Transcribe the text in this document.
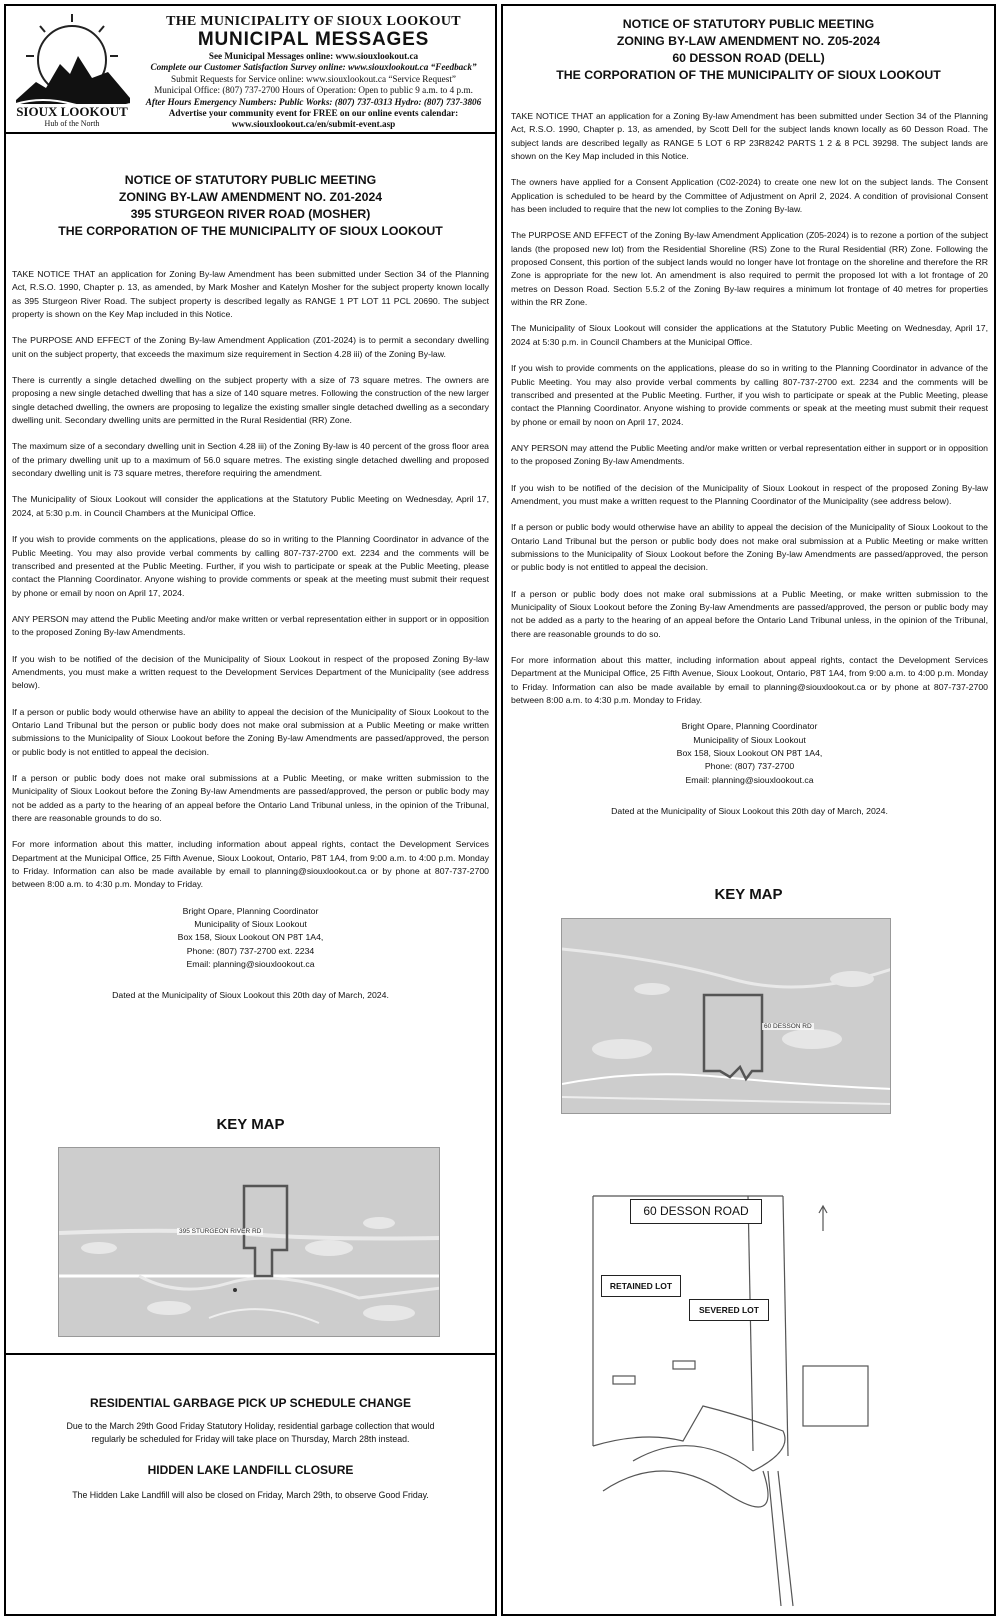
SIOUX LOOKOUT
Hub of the North
THE MUNICIPALITY OF SIOUX LOOKOUT
MUNICIPAL MESSAGES
See Municipal Messages online: www.siouxlookout.ca
Complete our Customer Satisfaction Survey online: www.siouxlookout.ca “Feedback”
Submit Requests for Service online: www.siouxlookout.ca “Service Request”
Municipal Office: (807) 737-2700 Hours of Operation: Open to public 9 a.m. to 4 p.m.
After Hours Emergency Numbers: Public Works: (807) 737-0313 Hydro: (807) 737-3806
Advertise your community event for FREE on our online events calendar:
www.siouxlookout.ca/en/submit-event.asp
NOTICE OF STATUTORY PUBLIC MEETING
ZONING BY-LAW AMENDMENT NO. Z01-2024
395 STURGEON RIVER ROAD (MOSHER)
THE CORPORATION OF THE MUNICIPALITY OF SIOUX LOOKOUT

TAKE NOTICE THAT an application for Zoning By-law Amendment has been submitted under Section 34 of the Planning Act, R.S.O. 1990, Chapter p. 13, as amended, by Mark Mosher and Katelyn Mosher for the subject property known locally as 395 Sturgeon River Road. The subject property is described legally as RANGE 1 PT LOT 11 PCL 20690. The subject property is shown on the Key Map included in this Notice.

The PURPOSE AND EFFECT of the Zoning By-law Amendment Application (Z01-2024) is to permit a secondary dwelling unit on the subject property, that exceeds the maximum size requirement in Section 4.28 iii) of the Zoning By-law.

There is currently a single detached dwelling on the subject property with a size of 73 square metres. The owners are proposing a new single detached dwelling that has a size of 140 square metres. Following the construction of the new larger single detached dwelling, the owners are proposing to legalize the existing smaller single detached dwelling as a secondary dwelling unit. Secondary dwelling units are permitted in the Rural Residential (RR) Zone.

The maximum size of a secondary dwelling unit in Section 4.28 iii) of the Zoning By-law is 40 percent of the gross floor area of the primary dwelling unit up to a maximum of 56.0 square metres. The existing single detached dwelling and proposed secondary dwelling unit is 73 square metres, therefore requiring the amendment.

The Municipality of Sioux Lookout will consider the applications at the Statutory Public Meeting on Wednesday, April 17, 2024, at 5:30 p.m. in Council Chambers at the Municipal Office.

If you wish to provide comments on the applications, please do so in writing to the Planning Coordinator in advance of the Public Meeting. You may also provide verbal comments by calling 807-737-2700 ext. 2234 and the comments will be transcribed and presented at the Public Meeting. Further, if you wish to participate or speak at the Public Meeting, please contact the Planning Coordinator. Anyone wishing to provide comments or speak at the meeting must submit their request by phone or email by noon on April 17, 2024.

ANY PERSON may attend the Public Meeting and/or make written or verbal representation either in support or in opposition to the proposed Zoning By-law Amendments.

If you wish to be notified of the decision of the Municipality of Sioux Lookout in respect of the proposed Zoning By-law Amendments, you must make a written request to the Development Services Department of the Municipality (see address below).

If a person or public body would otherwise have an ability to appeal the decision of the Municipality of Sioux Lookout to the Ontario Land Tribunal but the person or public body does not make oral submission at a Public Meeting or make written submissions to the Municipality of Sioux Lookout before the Zoning By-law Amendments are passed/approved, the person or public body is not entitled to appeal the decision.

If a person or public body does not make oral submissions at a Public Meeting, or make written submission to the Municipality of Sioux Lookout before the Zoning By-law Amendments are passed/approved, the person or public body may not be added as a party to the hearing of an appeal before the Ontario Land Tribunal unless, in the opinion of the Tribunal, there are reasonable grounds to do so.

For more information about this matter, including information about appeal rights, contact the Development Services Department at the Municipal Office, 25 Fifth Avenue, Sioux Lookout, Ontario, P8T 1A4, from 9:00 a.m. to 4:00 p.m. Monday to Friday. Information can also be made available by email to planning@siouxlookout.ca or by phone at 807-737-2700 between 8:00 a.m. to 4:30 p.m. Monday to Friday.

Bright Opare, Planning Coordinator
Municipality of Sioux Lookout
Box 158, Sioux Lookout ON P8T 1A4,
Phone: (807) 737-2700 ext. 2234
Email: planning@siouxlookout.ca
Dated at the Municipality of Sioux Lookout this 20th day of March, 2024.
KEY MAP
395 STURGEON RIVER RD
RESIDENTIAL GARBAGE PICK UP SCHEDULE CHANGE
Due to the March 29th Good Friday Statutory Holiday, residential garbage collection that would
regularly be scheduled for Friday will take place on Thursday, March 28th instead.
HIDDEN LAKE LANDFILL CLOSURE
The Hidden Lake Landfill will also be closed on Friday, March 29th, to observe Good Friday.
NOTICE OF STATUTORY PUBLIC MEETING
ZONING BY-LAW AMENDMENT NO. Z05-2024
60 DESSON ROAD (DELL)
THE CORPORATION OF THE MUNICIPALITY OF SIOUX LOOKOUT

TAKE NOTICE THAT an application for a Zoning By-law Amendment has been submitted under Section 34 of the Planning Act, R.S.O. 1990, Chapter p. 13, as amended, by Scott Dell for the subject lands known locally as 60 Desson Road. The subject lands are described legally as RANGE 5 LOT 6 RP 23R8242 PARTS 1 2 & 8 PCL 39298. The subject lands are shown on the Key Map included in this Notice.

The owners have applied for a Consent Application (C02-2024) to create one new lot on the subject lands. The Consent Application is scheduled to be heard by the Committee of Adjustment on April 2, 2024. A condition of provisional Consent has been included to require that the new lot complies to the Zoning By-law.

The PURPOSE AND EFFECT of the Zoning By-law Amendment Application (Z05-2024) is to rezone a portion of the subject lands (the proposed new lot) from the Residential Shoreline (RS) Zone to the Rural Residential (RR) Zone. Following the proposed Consent, this portion of the subject lands would no longer have lot frontage on the shoreline and therefore the RR Zone is appropriate for the new lot. An amendment is also required to permit the proposed lot with a lot frontage of 20 metres on Desson Road. Section 5.5.2 of the Zoning By-law requires a minimum lot frontage of 40 metres for properties within the RR Zone.

The Municipality of Sioux Lookout will consider the applications at the Statutory Public Meeting on Wednesday, April 17, 2024 at 5:30 p.m. in Council Chambers at the Municipal Office.

If you wish to provide comments on the applications, please do so in writing to the Planning Coordinator in advance of the Public Meeting. You may also provide verbal comments by calling 807-737-2700 ext. 2234 and the comments will be transcribed and presented at the Public Meeting. Further, if you wish to participate or speak at the Public Meeting, please contact the Planning Coordinator. Anyone wishing to provide comments or speak at the meeting must submit their request by phone or email by noon on April 17, 2024.

ANY PERSON may attend the Public Meeting and/or make written or verbal representation either in support or in opposition to the proposed Zoning By-law Amendments.

If you wish to be notified of the decision of the Municipality of Sioux Lookout in respect of the proposed Zoning By-law Amendment, you must make a written request to the Planning Coordinator of the Municipality (see address below).

If a person or public body would otherwise have an ability to appeal the decision of the Municipality of Sioux Lookout to the Ontario Land Tribunal but the person or public body does not make oral submission at a Public Meeting or make written submissions to the Municipality of Sioux Lookout before the Zoning By-law Amendments are passed/approved, the person or public body is not entitled to appeal the decision.

If a person or public body does not make oral submissions at a Public Meeting, or make written submission to the Municipality of Sioux Lookout before the Zoning By-law Amendments are passed/approved, the person or public body may not be added as a party to the hearing of an appeal before the Ontario Land Tribunal unless, in the opinion of the Tribunal, there are reasonable grounds to do so.

For more information about this matter, including information about appeal rights, contact the Development Services Department at the Municipal Office, 25 Fifth Avenue, Sioux Lookout, Ontario, P8T 1A4, from 9:00 a.m. to 4:00 p.m. Monday to Friday. Information can also be made available by email to planning@siouxlookout.ca or by phone at 807-737-2700 between 8:00 a.m. to 4:30 p.m. Monday to Friday.

Bright Opare, Planning Coordinator
Municipality of Sioux Lookout
Box 158, Sioux Lookout ON P8T 1A4,
Phone: (807) 737-2700
Email: planning@siouxlookout.ca
Dated at the Municipality of Sioux Lookout this 20th day of March, 2024.
KEY MAP
60 DESSON RD
60 DESSON ROAD
RETAINED LOT
SEVERED LOT
